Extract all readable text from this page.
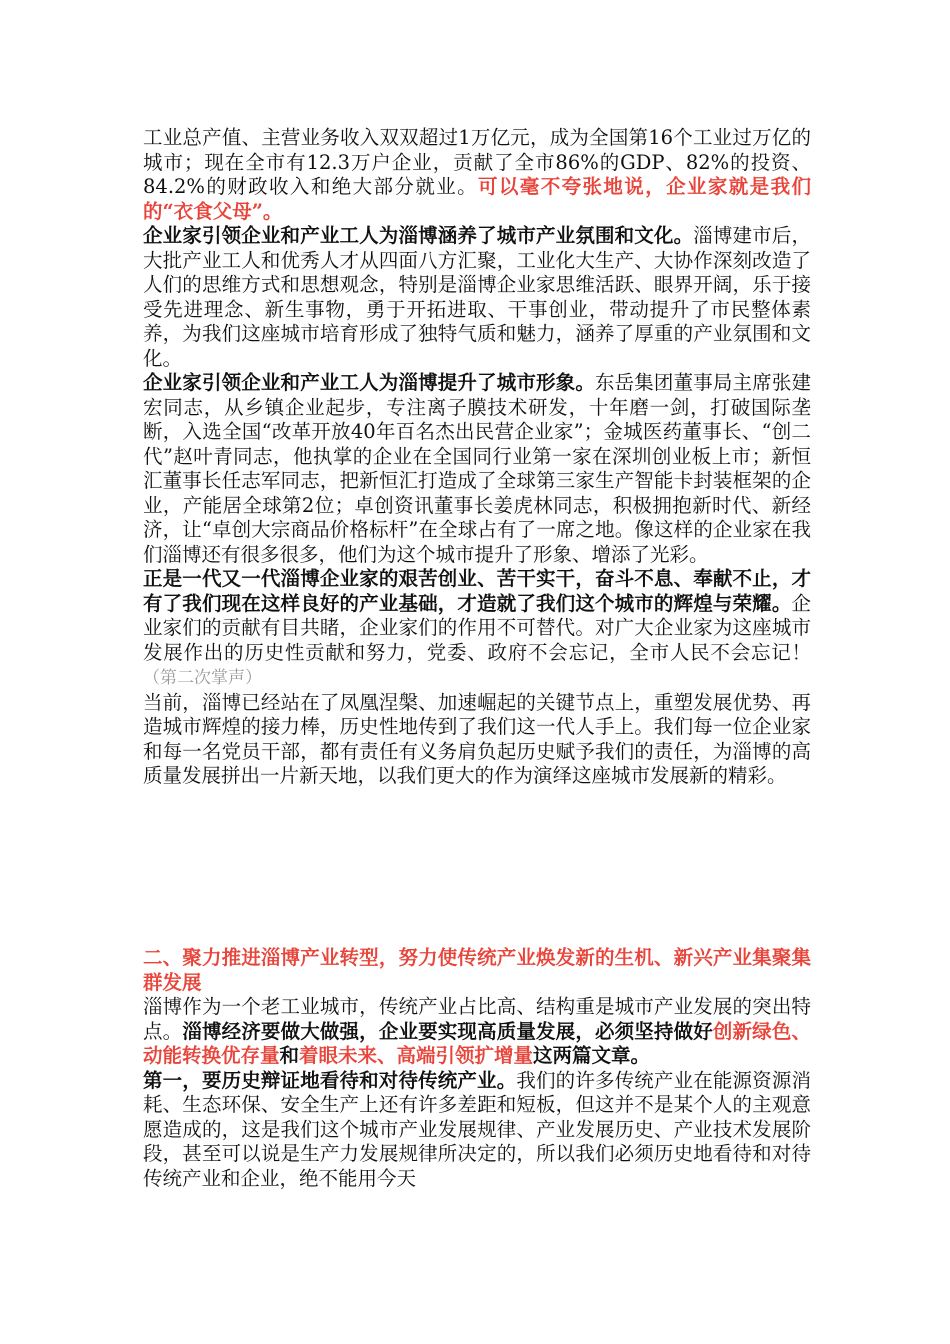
工业总产值、主营业务收入双双超过1万亿元，成为全国第16个工业过万亿的城市；现在全市有12.3万户企业，贡献了全市86%的GDP、82%的投资、84.2%的财政收入和绝大部分就业。可以毫不夸张地说，企业家就是我们的“衣食父母”。

企业家引领企业和产业工人为淄博涵养了城市产业氛围和文化。淄博建市后，大批产业工人和优秀人才从四面八方汇聚，工业化大生产、大协作深刻改造了人们的思维方式和思想观念，特别是淄博企业家思维活跃、眼界开阔，乐于接受先进理念、新生事物，勇于开拓进取、干事创业，带动提升了市民整体素养，为我们这座城市培育形成了独特气质和魅力，涵养了厚重的产业氛围和文化。

企业家引领企业和产业工人为淄博提升了城市形象。东岳集团董事局主席张建宏同志，从乡镇企业起步，专注离子膜技术研发，十年磨一剑，打破国际垄断，入选全国“改革开放40年百名杰出民营企业家”；金城医药董事长、“创二代”赵叶青同志，他执掌的企业在全国同行业第一家在深圳创业板上市；新恒汇董事长任志军同志，把新恒汇打造成了全球第三家生产智能卡封装框架的企业，产能居全球第2位；卓创资讯董事长姜虎林同志，积极拥抱新时代、新经济，让“卓创大宗商品价格标杆”在全球占有了一席之地。像这样的企业家在我们淄博还有很多很多，他们为这个城市提升了形象、增添了光彩。

正是一代又一代淄博企业家的艰苦创业、苦干实干，奋斗不息、奉献不止，才有了我们现在这样良好的产业基础，才造就了我们这个城市的辉煌与荣耀。企业家们的贡献有目共睹，企业家们的作用不可替代。对广大企业家为这座城市发展作出的历史性贡献和努力，党委、政府不会忘记，全市人民不会忘记！（第二次掌声）

当前，淄博已经站在了凤凰涅槃、加速崛起的关键节点上，重塑发展优势、再造城市辉煌的接力棒，历史性地传到了我们这一代人手上。我们每一位企业家和每一名党员干部，都有责任有义务肩负起历史赋予我们的责任，为淄博的高质量发展拼出一片新天地，以我们更大的作为演绎这座城市发展新的精彩。

二、聚力推进淄博产业转型，努力使传统产业焕发新的生机、新兴产业集聚集群发展

淄博作为一个老工业城市，传统产业占比高、结构重是城市产业发展的突出特点。淄博经济要做大做强，企业要实现高质量发展，必须坚持做好创新绿色、动能转换优存量和着眼未来、高端引领扩增量这两篇文章。

第一，要历史辩证地看待和对待传统产业。我们的许多传统产业在能源资源消耗、生态环保、安全生产上还有许多差距和短板，但这并不是某个人的主观意愿造成的，这是我们这个城市产业发展规律、产业发展历史、产业技术发展阶段，甚至可以说是生产力发展规律所决定的，所以我们必须历史地看待和对待传统产业和企业，绝不能用今天
